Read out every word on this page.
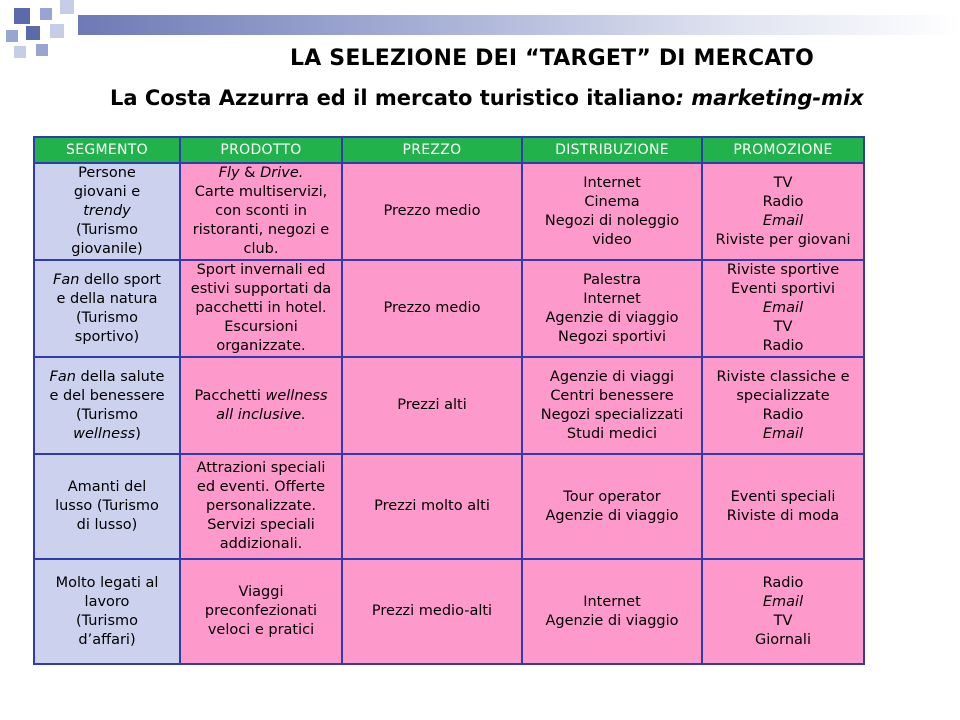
LA SELEZIONE DEI “TARGET” DI MERCATO
La Costa Azzurra ed il mercato turistico italiano: marketing-mix
SEGMENTO	PRODOTTO	PREZZO	DISTRIBUZIONE	PROMOZIONE

Persone
giovani e
trendy
(Turismo
giovanile)	Fly & Drive.
Carte multiservizi,
con sconti in
ristoranti, negozi e
club.	Prezzo medio	Internet
Cinema
Negozi di noleggio
video	TV
Radio
Email
Riviste per giovani

Fan dello sport
e della natura
(Turismo
sportivo)	Sport invernali ed
estivi supportati da
pacchetti in hotel.
Escursioni
organizzate.	Prezzo medio	Palestra
Internet
Agenzie di viaggio
Negozi sportivi	Riviste sportive
Eventi sportivi
Email
TV
Radio

Fan della salute
e del benessere
(Turismo
wellness)	Pacchetti wellness
all inclusive.	Prezzi alti	Agenzie di viaggi
Centri benessere
Negozi specializzati
Studi medici	Riviste classiche e
specializzate
Radio
Email

Amanti del
lusso (Turismo
di lusso)	Attrazioni speciali
ed eventi. Offerte
personalizzate.
Servizi speciali
addizionali.	Prezzi molto alti	Tour operator
Agenzie di viaggio	Eventi speciali
Riviste di moda

Molto legati al
lavoro
(Turismo
d’affari)	Viaggi
preconfezionati
veloci e pratici	Prezzi medio-alti	Internet
Agenzie di viaggio	Radio
Email
TV
Giornali
